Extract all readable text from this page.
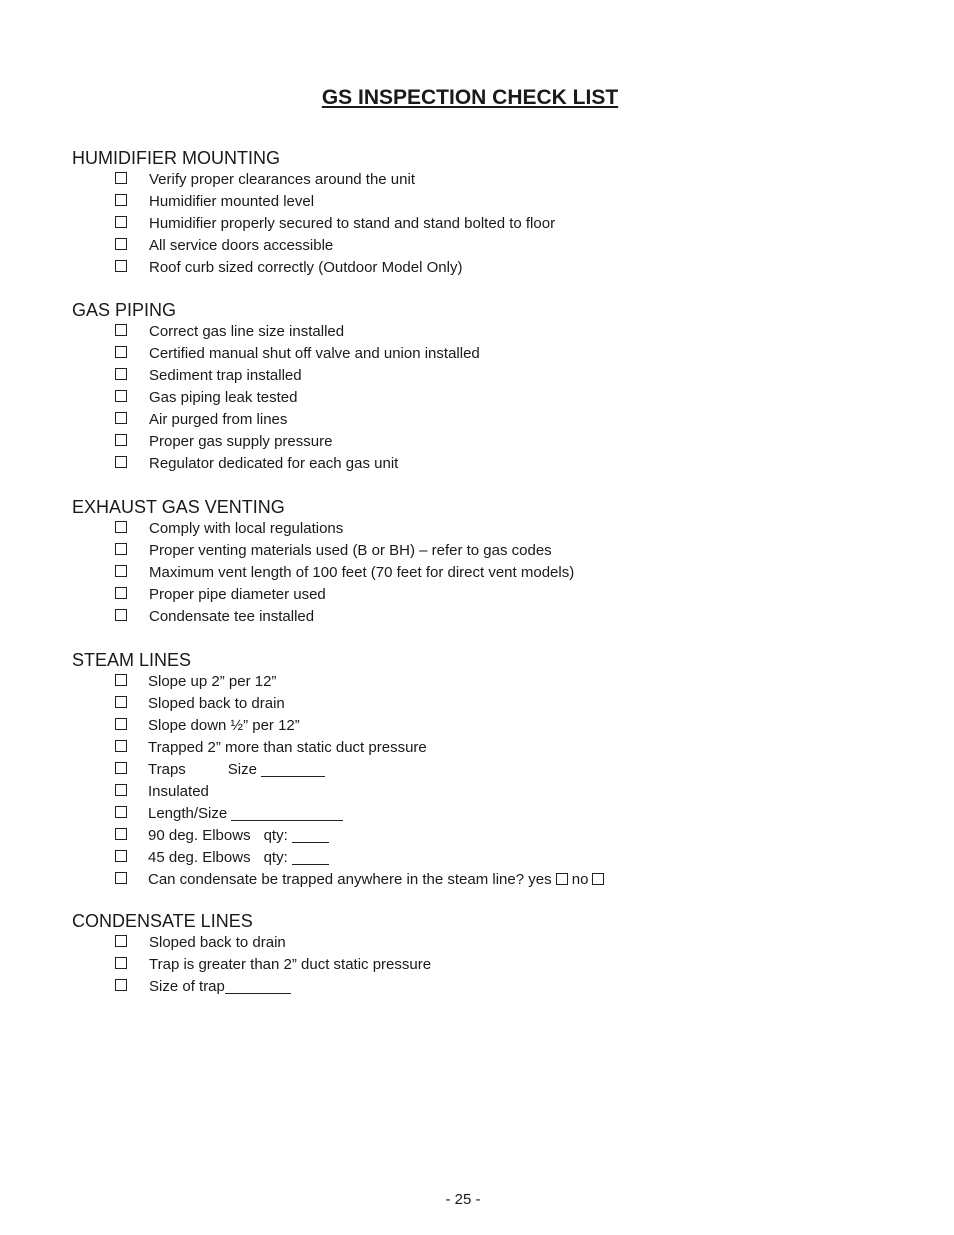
GS INSPECTION CHECK LIST
HUMIDIFIER MOUNTING
Verify proper clearances around the unit
Humidifier mounted level
Humidifier properly secured to stand and stand bolted to floor
All service doors accessible
Roof curb sized correctly (Outdoor Model Only)
GAS PIPING
Correct gas line size installed
Certified manual shut off valve and union installed
Sediment trap installed
Gas piping leak tested
Air purged from lines
Proper gas supply pressure
Regulator dedicated for each gas unit
EXHAUST GAS VENTING
Comply with local regulations
Proper venting materials used (B or BH) – refer to gas codes
Maximum vent length of 100 feet (70 feet for direct vent models)
Proper pipe diameter used
Condensate tee installed
STEAM LINES
Slope up 2” per 12”
Sloped back to drain
Slope down ½” per 12”
Trapped 2” more than static duct pressure
Traps	Size
Insulated
Length/Size
90 deg. Elbows qty:
45 deg. Elbows qty:
Can condensate be trapped anywhere in the steam line? yes no
CONDENSATE LINES
Sloped back to drain
Trap is greater than 2” duct static pressure
Size of trap
- 25 -
